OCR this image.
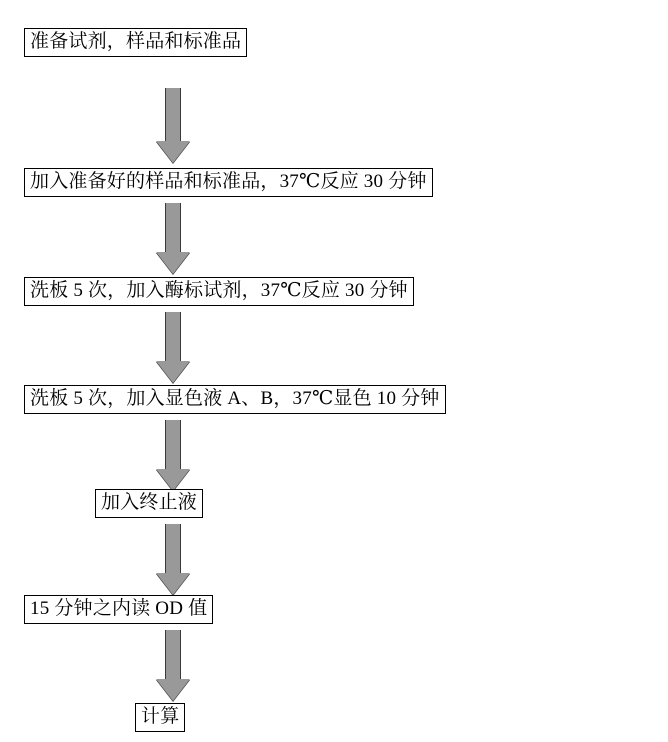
准备试剂，样品和标准品
加入准备好的样品和标准品，37℃反应 30 分钟
洗板 5 次，加入酶标试剂，37℃反应 30 分钟
洗板 5 次，加入显色液 A、B，37℃显色 10 分钟
加入终止液
15 分钟之内读 OD 值
计算
